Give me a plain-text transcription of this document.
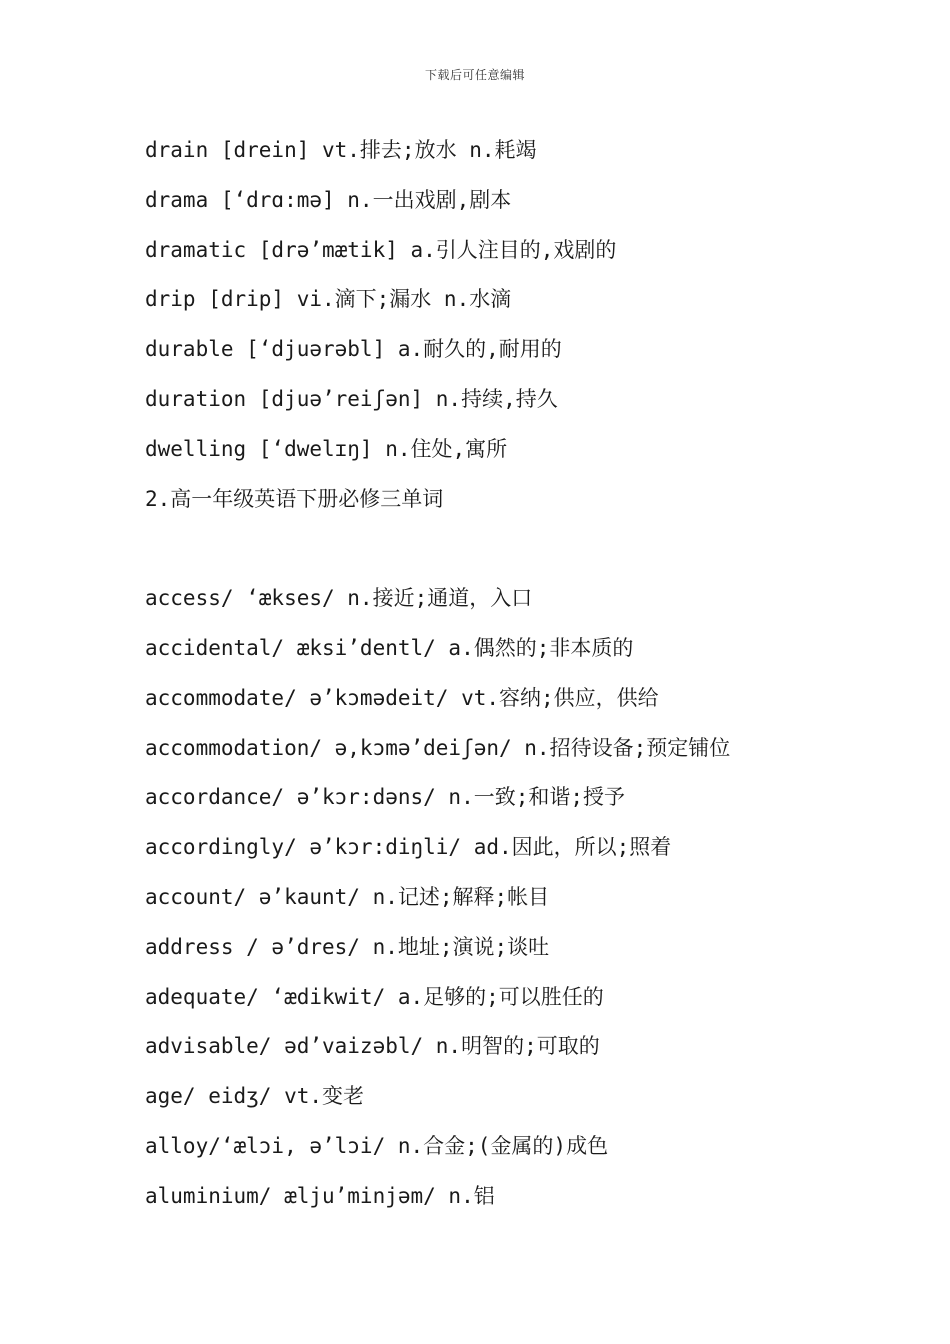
下载后可任意编辑
drain [drein] vt.排去;放水 n.耗竭
drama [‘drɑ:mə] n.一出戏剧,剧本
dramatic [drə’mætik] a.引人注目的,戏剧的
drip [drip] vi.滴下;漏水 n.水滴
durable [‘djuərəbl] a.耐久的,耐用的
duration [djuə’reiʃən] n.持续,持久
dwelling [‘dwelɪŋ] n.住处,寓所
2.高一年级英语下册必修三单词
access/ ‘ækses/ n.接近;通道，入口
accidental/ æksi’dentl/ a.偶然的;非本质的
accommodate/ ə’kɔmədeit/ vt.容纳;供应，供给
accommodation/ ə,kɔmə’deiʃən/ n.招待设备;预定铺位
accordance/ ə’kɔr:dəns/ n.一致;和谐;授予
accordingly/ ə’kɔr:diŋli/ ad.因此，所以;照着
account/ ə’kaunt/ n.记述;解释;帐目
address / ə’dres/ n.地址;演说;谈吐
adequate/ ‘ædikwit/ a.足够的;可以胜任的
advisable/ əd’vaizəbl/ n.明智的;可取的
age/ eidʒ/ vt.变老
alloy/‘ælɔi, ə’lɔi/ n.合金;(金属的)成色
aluminium/ ælju’minjəm/ n.铝
